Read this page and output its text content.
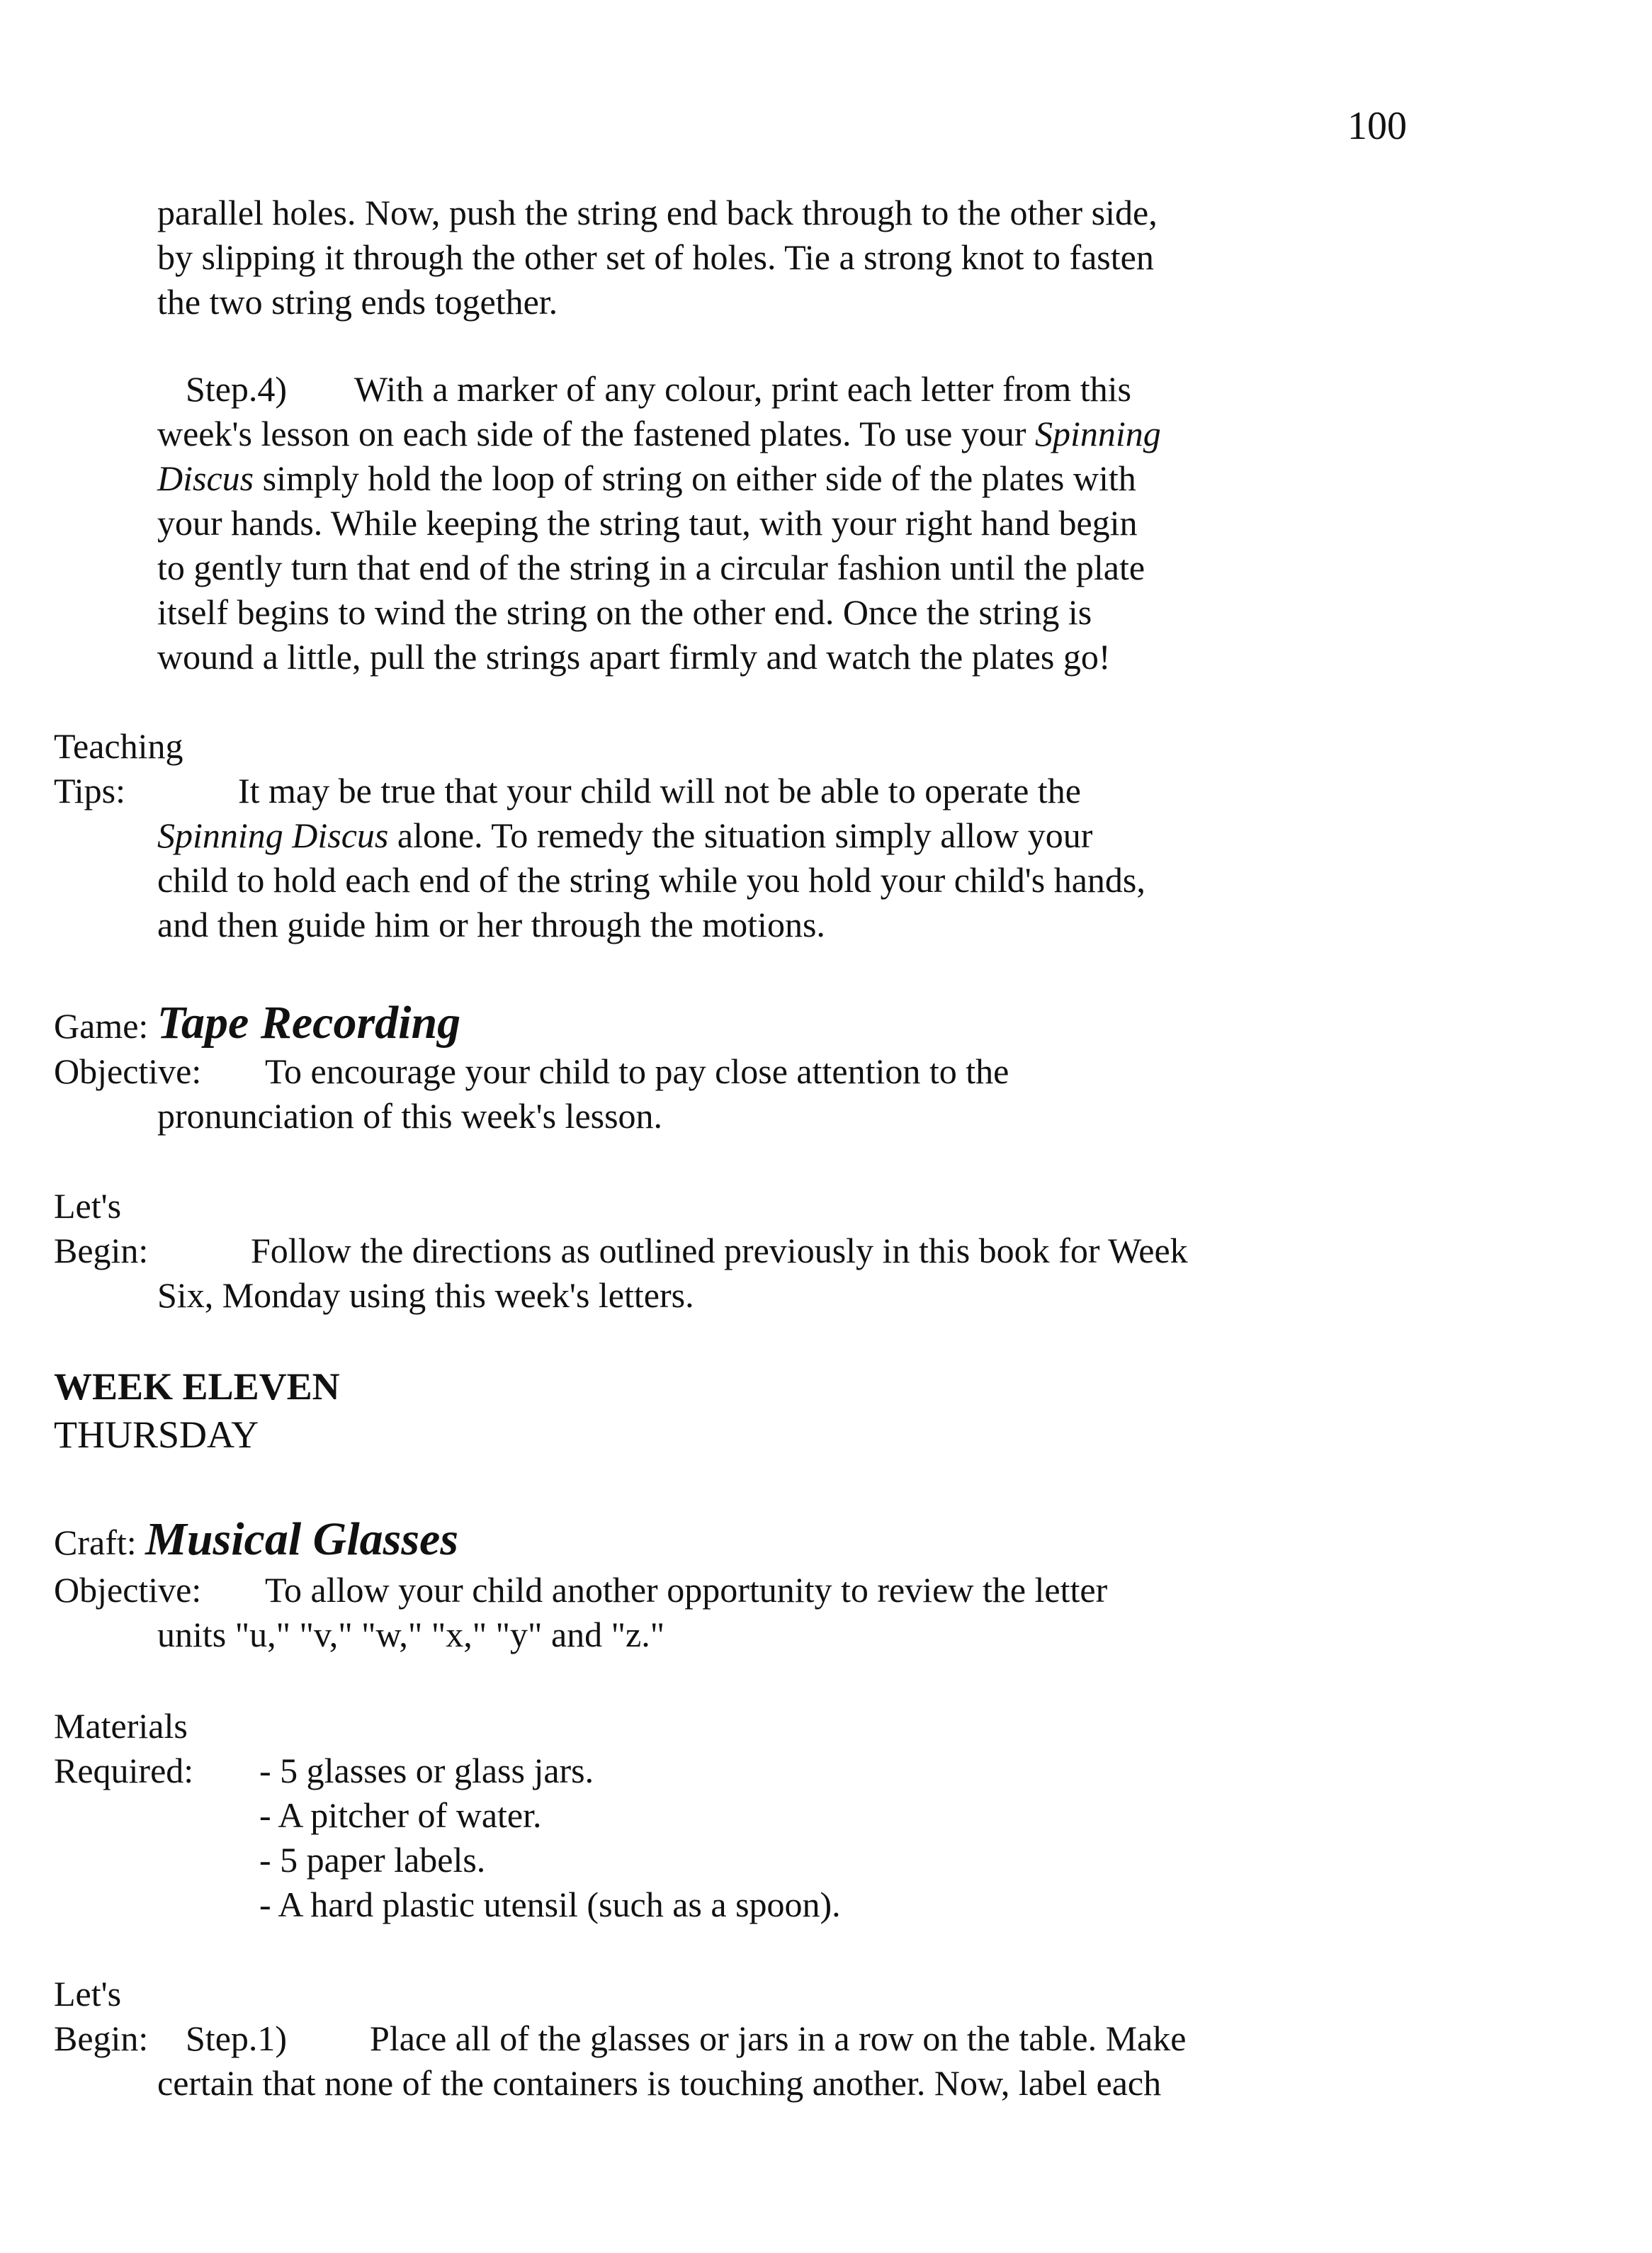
100
parallel holes. Now, push the string end back through to the other side,
by slipping it through the other set of holes. Tie a strong knot to fasten
the two string ends together.
Step.4) With a marker of any colour, print each letter from this
week's lesson on each side of the fastened plates. To use your Spinning
Discus simply hold the loop of string on either side of the plates with
your hands. While keeping the string taut, with your right hand begin
to gently turn that end of the string in a circular fashion until the plate
itself begins to wind the string on the other end. Once the string is
wound a little, pull the strings apart firmly and watch the plates go!
Teaching
Tips:	It may be true that your child will not be able to operate the
Spinning Discus alone. To remedy the situation simply allow your
child to hold each end of the string while you hold your child's hands,
and then guide him or her through the motions.
Game: Tape Recording
Objective: To encourage your child to pay close attention to the
pronunciation of this week's lesson.
Let's
Begin:	Follow the directions as outlined previously in this book for Week
Six, Monday using this week's letters.
WEEK ELEVEN
THURSDAY
Craft: Musical Glasses
Objective: To allow your child another opportunity to review the letter
units "u," "v," "w," "x," "y" and "z."
Materials
Required: - 5 glasses or glass jars.
- A pitcher of water.
- 5 paper labels.
- A hard plastic utensil (such as a spoon).
Let's
Begin: Step.1) Place all of the glasses or jars in a row on the table. Make
certain that none of the containers is touching another. Now, label each
